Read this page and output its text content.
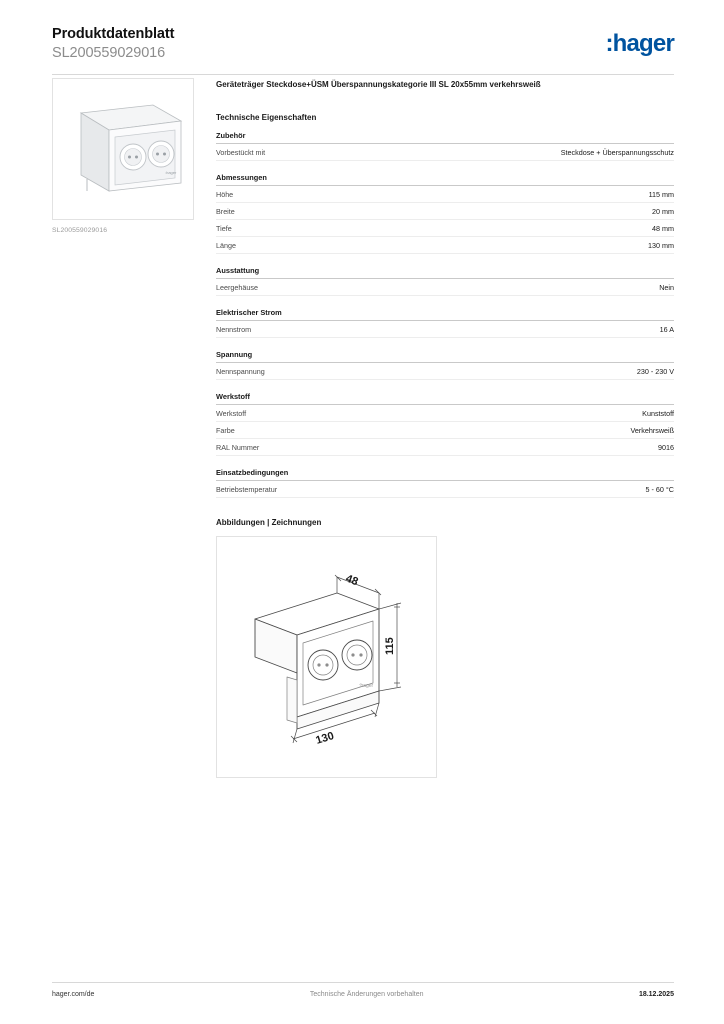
Produktdatenblatt
SL200559029016	:hager
:hager
SL200559029016
Geräteträger Steckdose+ÜSM Überspannungskategorie III SL 20x55mm verkehrsweiß
Technische Eigenschaften
Zubehör
Vorbestückt mit	Steckdose + Überspannungsschutz
Abmessungen
Höhe	115 mm
Breite	20 mm
Tiefe	48 mm
Länge	130 mm
Ausstattung
Leergehäuse	Nein
Elektrischer Strom
Nennstrom	16 A
Spannung
Nennspannung	230 - 230 V
Werkstoff
Werkstoff	Kunststoff
Farbe	Verkehrsweiß
RAL Nummer	9016
Einsatzbedingungen
Betriebstemperatur	5 - 60 °C
Abbildungen | Zeichnungen
:hager
48
115
130
hager.com/de	Technische Änderungen vorbehalten	18.12.2025
